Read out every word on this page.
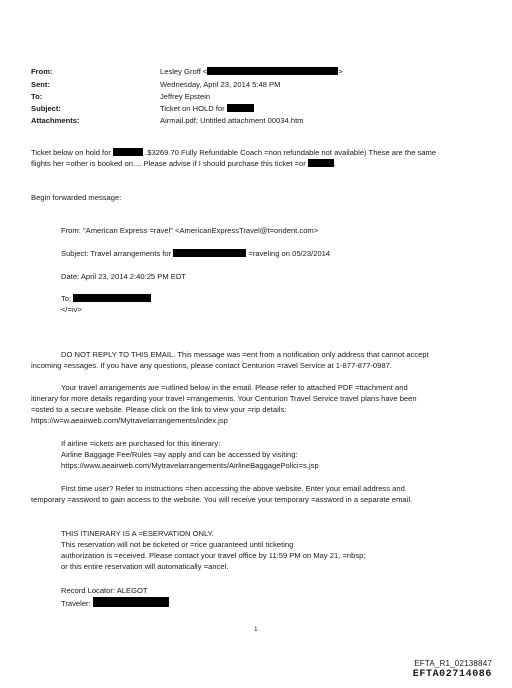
From:	Lesley Groff <	>
Sent:	Wednesday, April 23, 2014 5:48 PM
To:	Jeffrey Epstein
Subject:	Ticket on HOLD for
Attachments:	Airmail.pdf; Untitled attachment 00034.htm
Ticket below on hold for	..$3269.70 Fully Refundable Coach =non refundable not available) These are the same
flights her =other is booked on.... Please advise if I should purchase this ticket =or	.
Begin forwarded message:
From: "American Express =ravel" <AmericanExpressTravel@t=ondent.com>
Subject: Travel arrangements for	=raveling on 05/23/2014
Date: April 23, 2014 2:40:25 PM EDT
To:
</=iv>
DO NOT REPLY TO THIS EMAIL. This message was =ent from a notification only address that cannot accept
incoming =essages. If you have any questions, please contact Centurion =ravel Service at 1-877-877-0987.
Your travel arrangements are =utlined below in the email. Please refer to attached PDF =ttachment and
itinerary for more details regarding your travel =rrangements. Your Centurion Travel Service travel plans have been
=osted to a secure website. Please click on the link to view your =rip details:
https://w=w.aeairweb.com/Mytravelarrangements/index.jsp
If airline =ickets are purchased for this itinerary:
Airline Baggage Fee/Rules =ay apply and can be accessed by visiting:
https://www.aeairweb.com/Mytravelarrangements/AirlineBaggagePolici=s.jsp
First time user? Refer to instructions =hen accessing the above website. Enter your email address and
temporary =assword to gain access to the website. You will receive your temporary =assword in a separate email.
THIS ITINERARY IS A =ESERVATION ONLY.
This reservation will not be ticketed or =rice guaranteed until ticketing
authorization is =eceived. Please contact your travel office by 11:59 PM on May 21, =nbsp;
or this entire reservation will automatically =ancel.
Record Locator: ALEGOT
Traveler:
1
EFTA_R1_02138847
EFTA02714086
